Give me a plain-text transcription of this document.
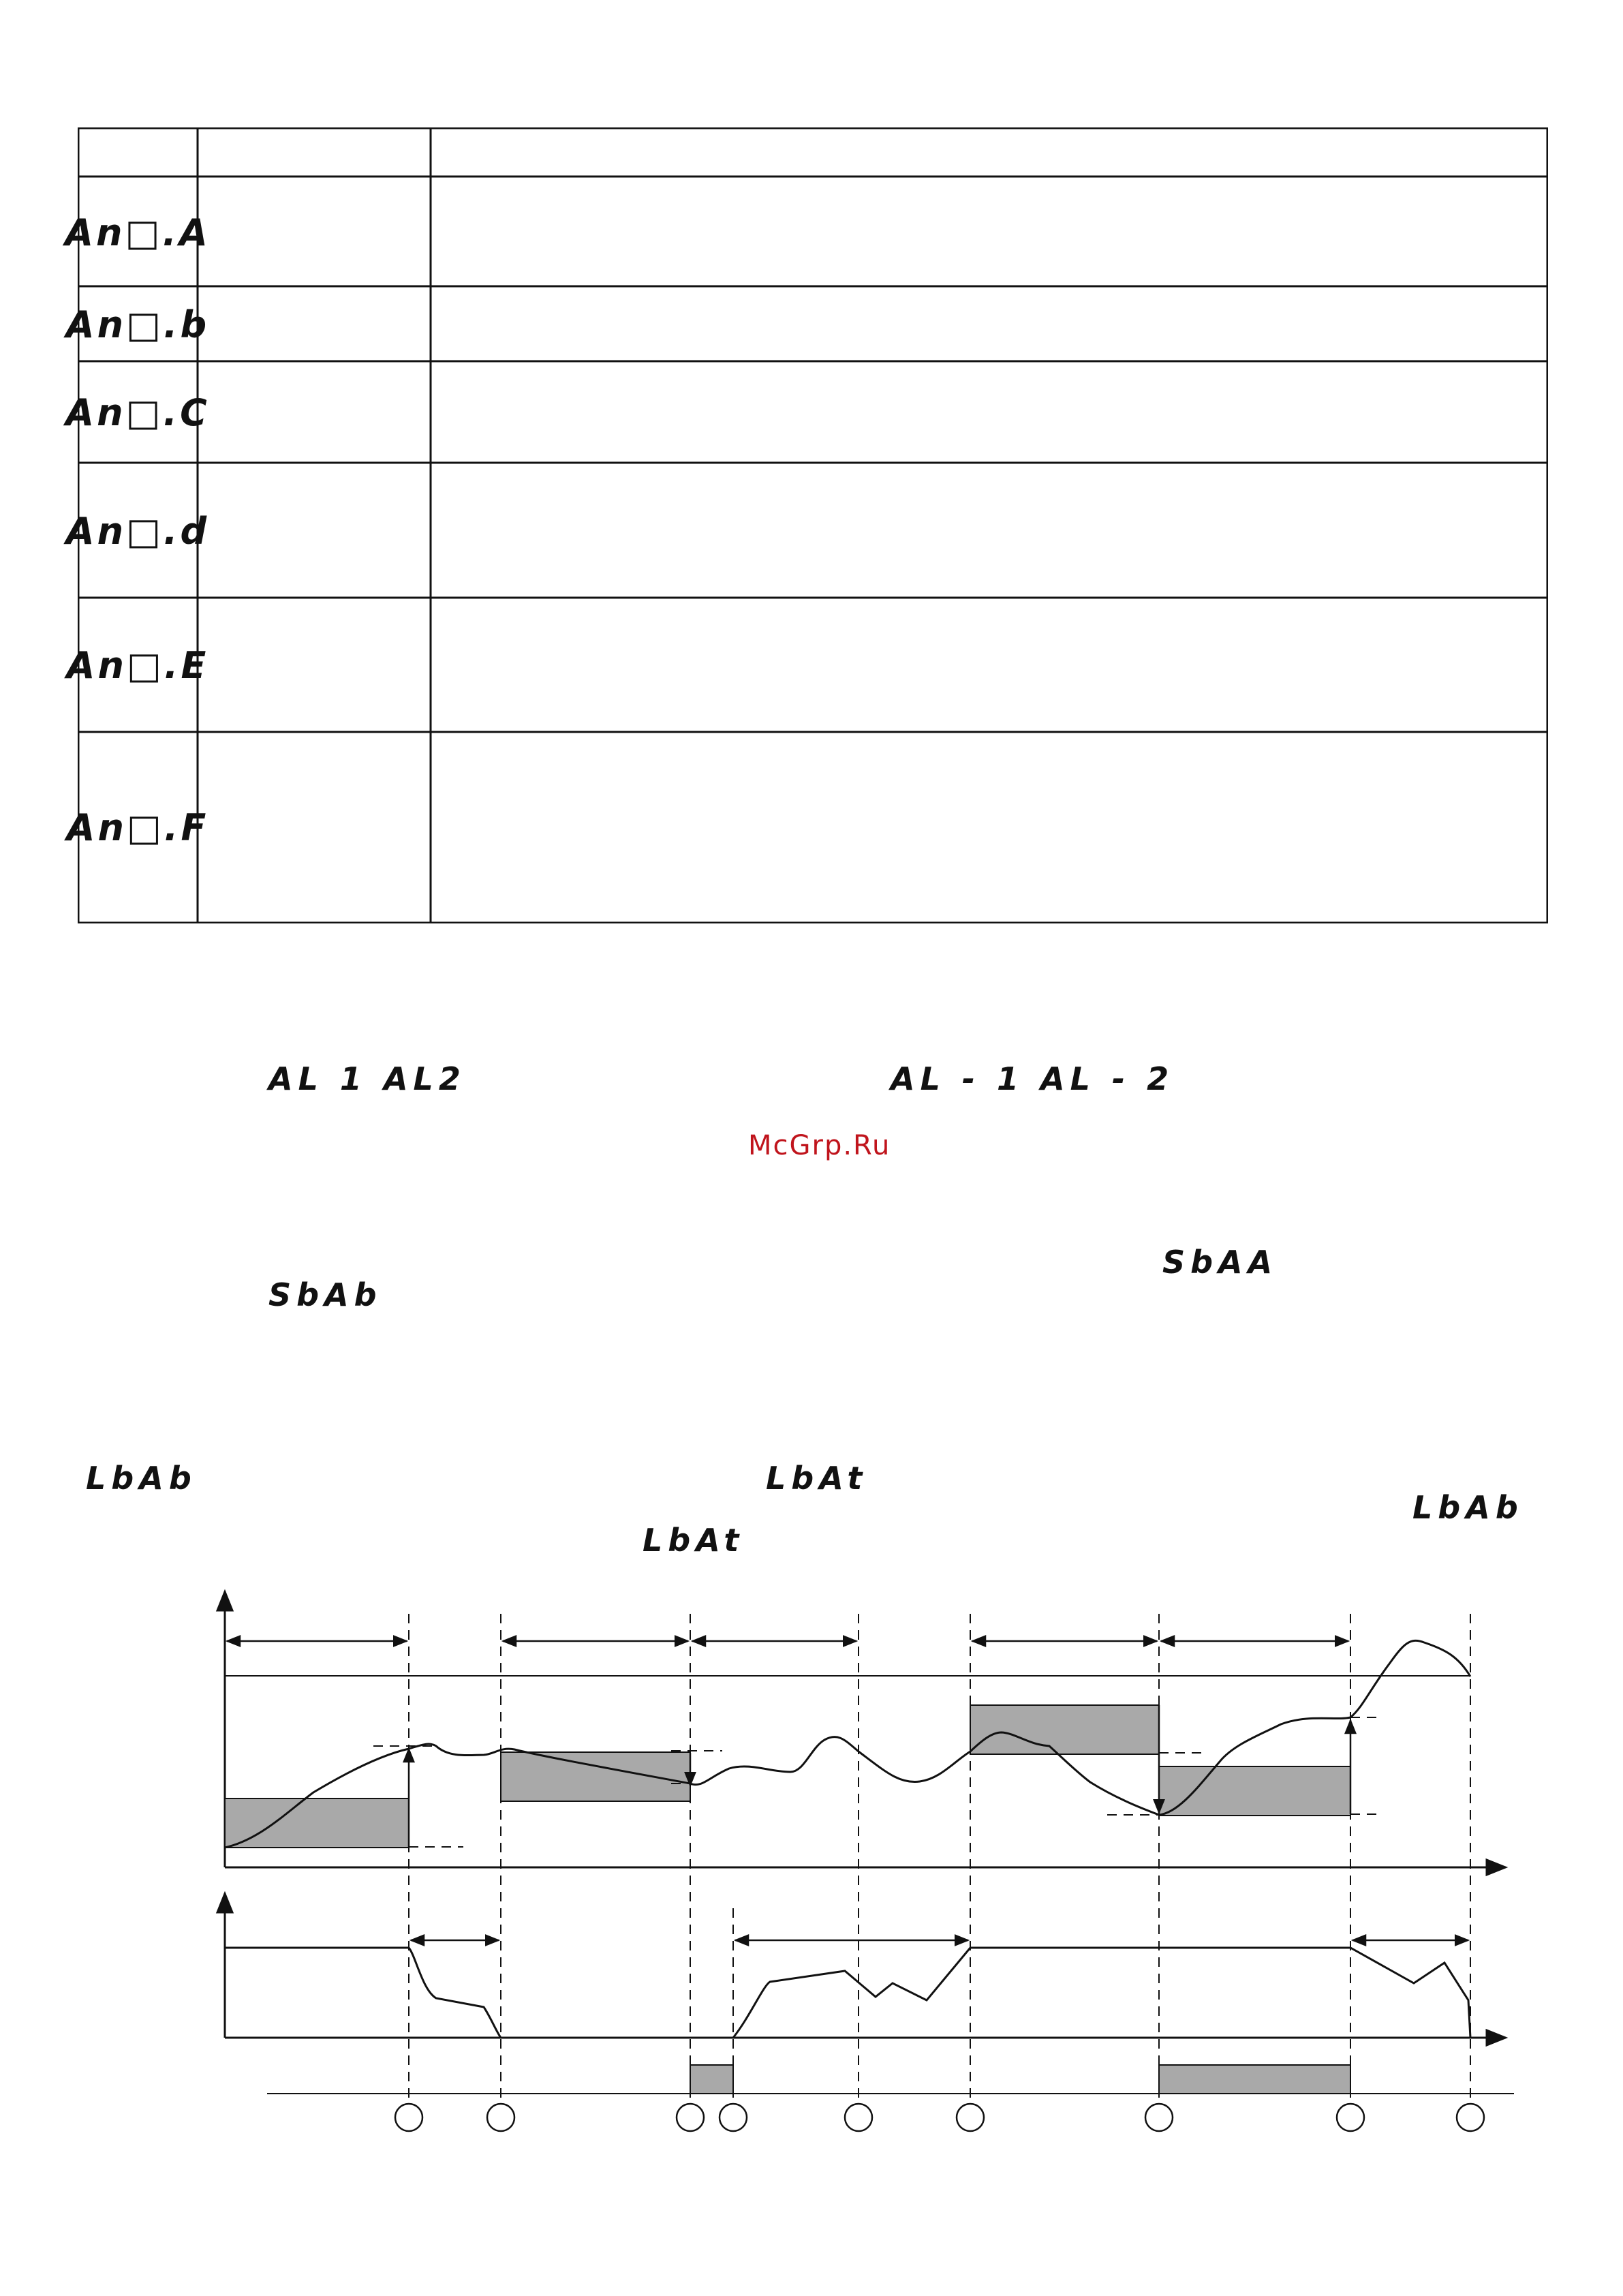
An□.A
An□.b
An□.C
An□.d
An□.E
An□.F
AL 1 AL2	AL - 1 AL - 2
McGrp.Ru
SbAA
SbAb
LbAb	LbAt
LbAb
LbAt
